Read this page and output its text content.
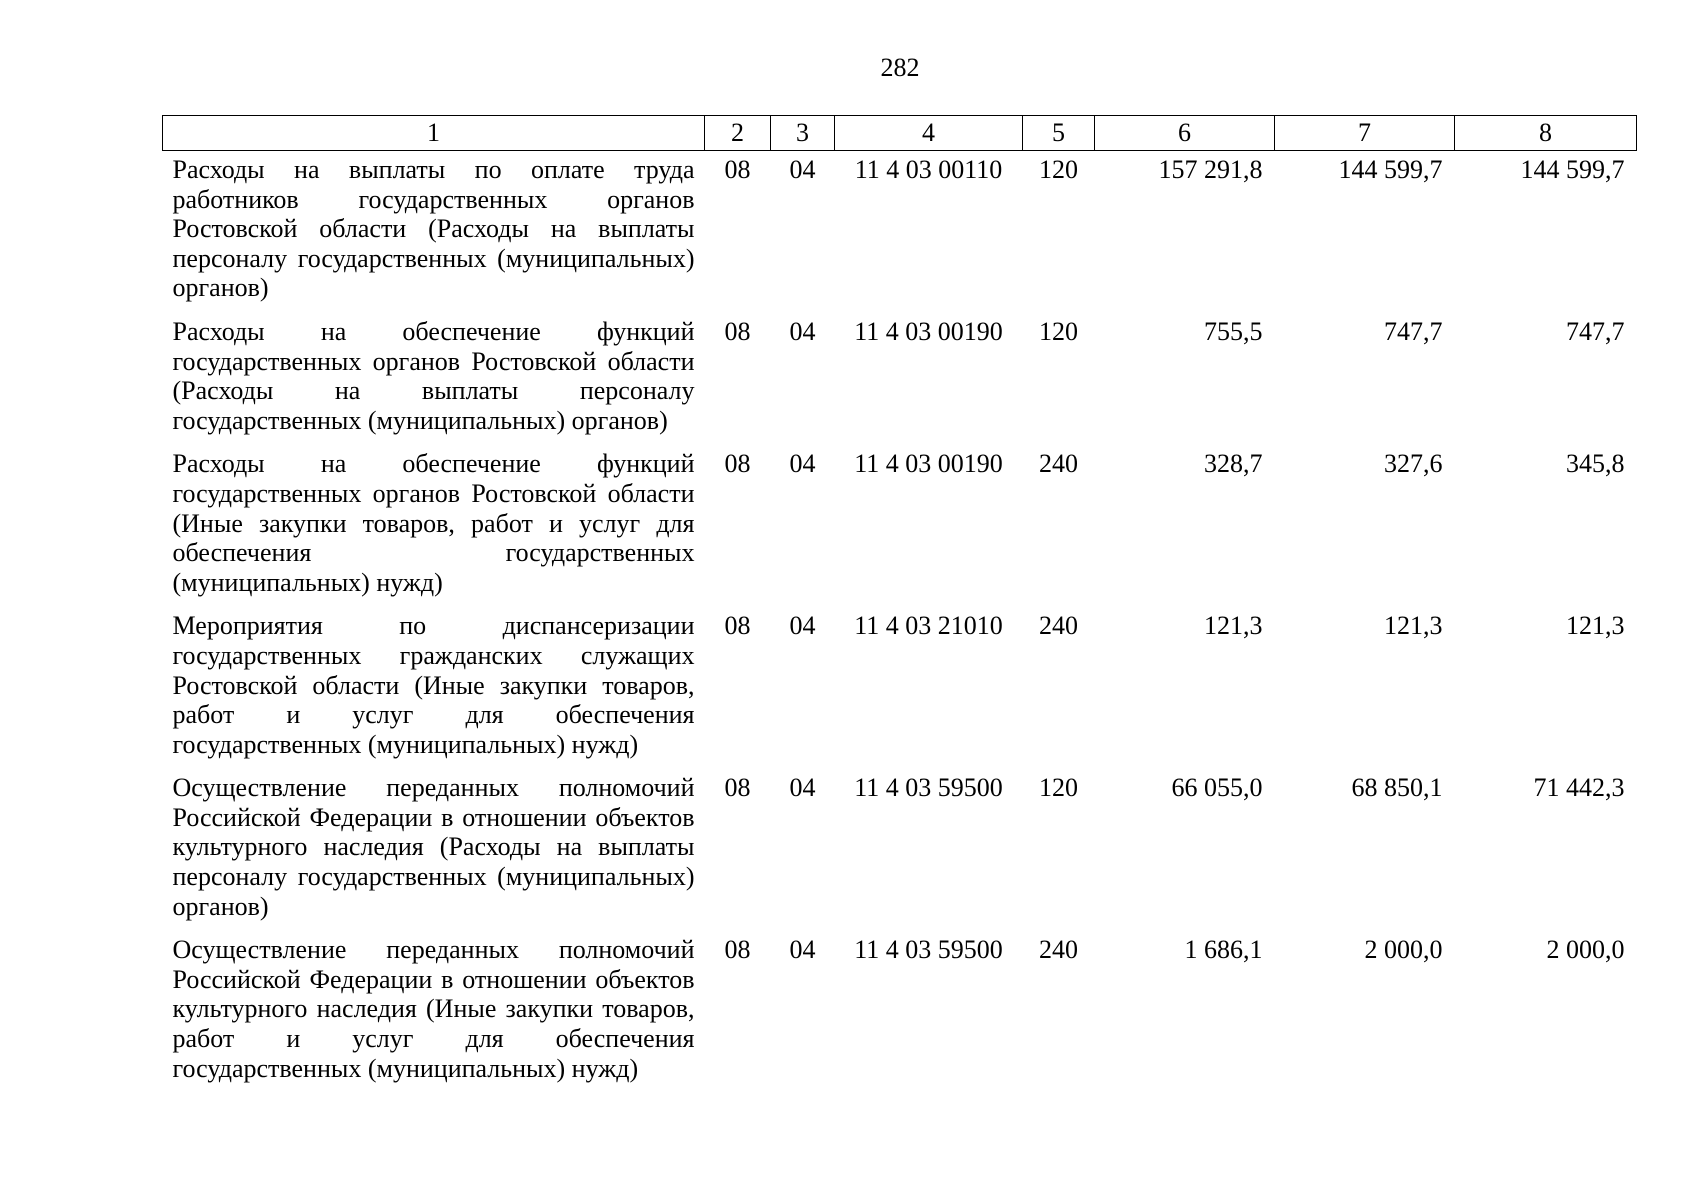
282
1	2	3	4	5	6	7	8
Расходы на выплаты по оплате труда работников государственных органов Ростовской области (Расходы на выплаты персоналу государственных (муниципальных) органов)	08	04	11 4 03 00110	120	157 291,8	144 599,7	144 599,7
Расходы на обеспечение функций государственных органов Ростовской области (Расходы на выплаты персоналу государственных (муниципальных) органов)	08	04	11 4 03 00190	120	755,5	747,7	747,7
Расходы на обеспечение функций государственных органов Ростовской области (Иные закупки товаров, работ и услуг для обеспечения государственных (муниципальных) нужд)	08	04	11 4 03 00190	240	328,7	327,6	345,8
Мероприятия по диспансеризации государственных гражданских служащих Ростовской области (Иные закупки товаров, работ и услуг для обеспечения государственных (муниципальных) нужд)	08	04	11 4 03 21010	240	121,3	121,3	121,3
Осуществление переданных полномочий Российской Федерации в отношении объектов культурного наследия (Расходы на выплаты персоналу государственных (муниципальных) органов)	08	04	11 4 03 59500	120	66 055,0	68 850,1	71 442,3
Осуществление переданных полномочий Российской Федерации в отношении объектов культурного наследия (Иные закупки товаров, работ и услуг для обеспечения государственных (муниципальных) нужд)	08	04	11 4 03 59500	240	1 686,1	2 000,0	2 000,0
